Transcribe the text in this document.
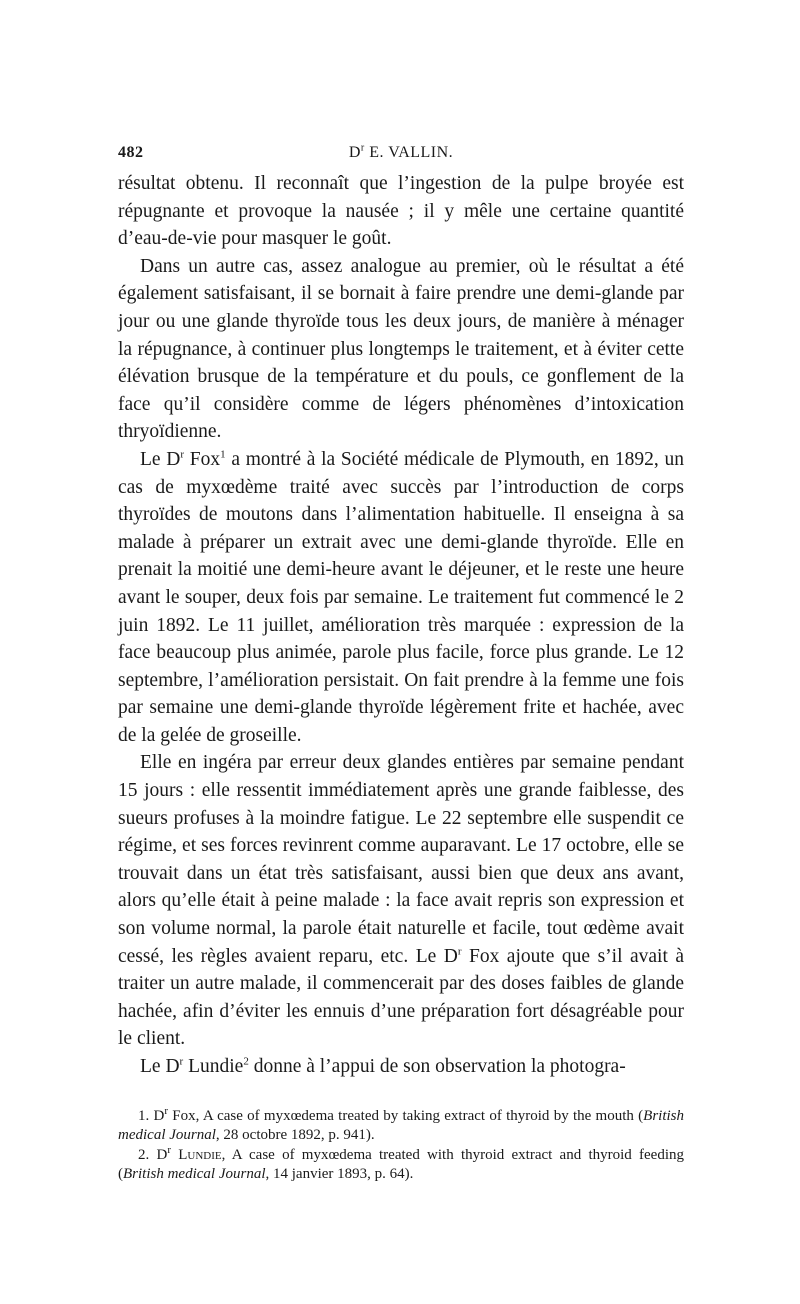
482	$D^r$ E. VALLIN.

résultat obtenu. Il reconnaît que l’ingestion de la pulpe broyée est répugnante et provoque la nausée ; il y mêle une certaine quantité d’eau-de-vie pour masquer le goût.

Dans un autre cas, assez analogue au premier, où le résultat a été également satisfaisant, il se bornait à faire prendre une demi-glande par jour ou une glande thyroïde tous les deux jours, de manière à ménager la répugnance, à continuer plus longtemps le traitement, et à éviter cette élévation brusque de la température et du pouls, ce gonflement de la face qu’il considère comme de légers phénomènes d’intoxication thryoïdienne.

Le $D^r$ Fox$^1$ a montré à la Société médicale de Plymouth, en 1892, un cas de myxœdème traité avec succès par l’introduction de corps thyroïdes de moutons dans l’alimentation habituelle. Il enseigna à sa malade à préparer un extrait avec une demi-glande thyroïde. Elle en prenait la moitié une demi-heure avant le déjeuner, et le reste une heure avant le souper, deux fois par semaine. Le traitement fut commencé le 2 juin 1892. Le 11 juillet, amélioration très marquée : expression de la face beaucoup plus animée, parole plus facile, force plus grande. Le 12 septembre, l’amélioration persistait. On fait prendre à la femme une fois par semaine une demi-glande thyroïde légèrement frite et hachée, avec de la gelée de groseille.

Elle en ingéra par erreur deux glandes entières par semaine pendant 15 jours : elle ressentit immédiatement après une grande faiblesse, des sueurs profuses à la moindre fatigue. Le 22 septembre elle suspendit ce régime, et ses forces revinrent comme auparavant. Le 17 octobre, elle se trouvait dans un état très satisfaisant, aussi bien que deux ans avant, alors qu’elle était à peine malade : la face avait repris son expression et son volume normal, la parole était naturelle et facile, tout œdème avait cessé, les règles avaient reparu, etc. Le $D^r$ Fox ajoute que s’il avait à traiter un autre malade, il commencerait par des doses faibles de glande hachée, afin d’éviter les ennuis d’une préparation fort désagréable pour le client.

Le $D^r$ Lundie$^2$ donne à l’appui de son observation la photogra-

1. $D^r$ Fox, A case of myxœdema treated by taking extract of thyroid by the mouth (British medical Journal, 28 octobre 1892, p. 941).

2. $D^r$ Lundie, A case of myxœdema treated with thyroid extract and thyroid feeding (British medical Journal, 14 janvier 1893, p. 64).
